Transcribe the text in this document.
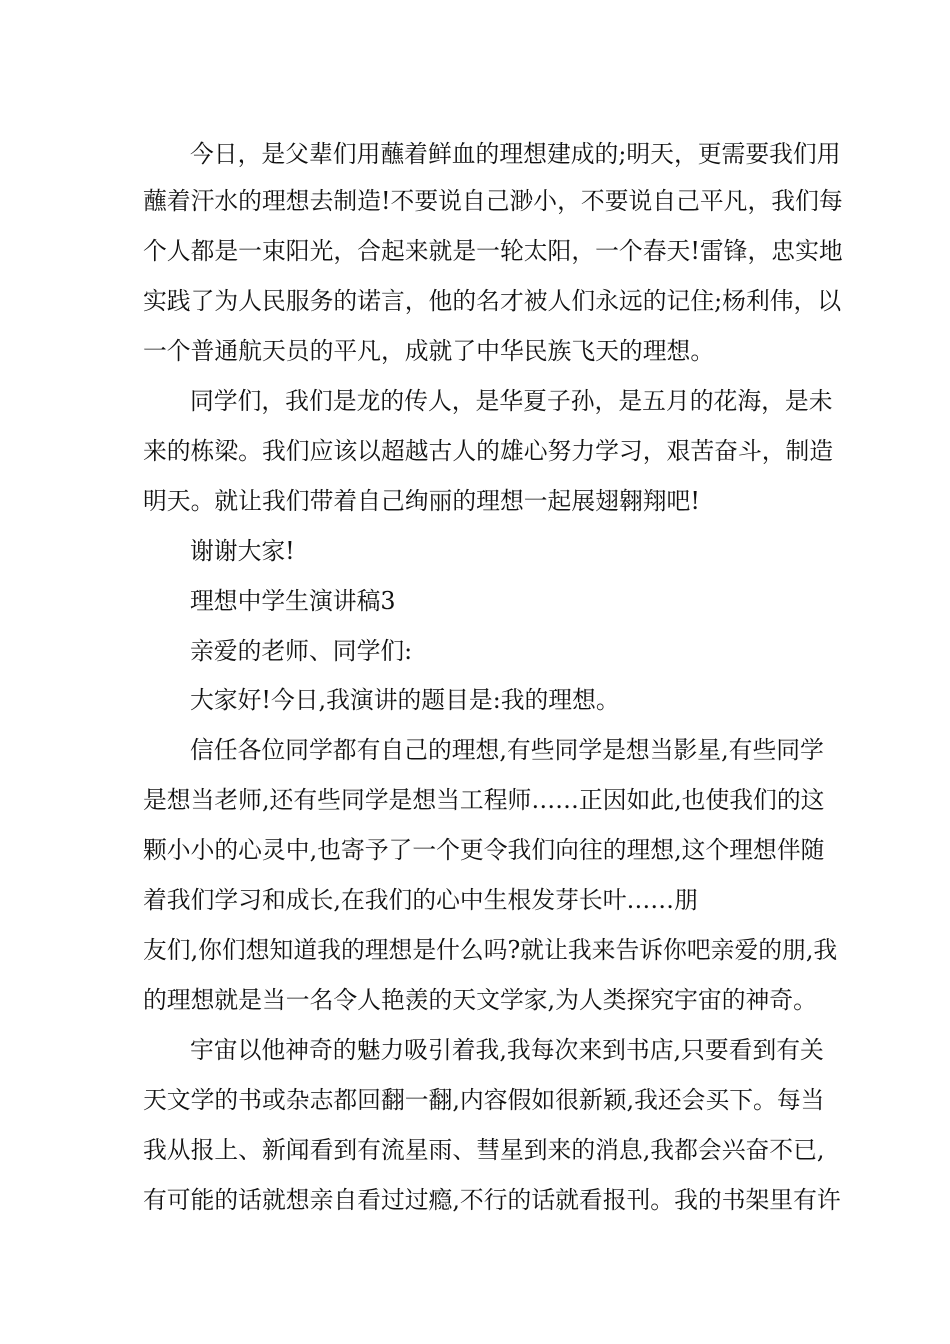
今日，是父辈们用蘸着鲜血的理想建成的;明天，更需要我们用
蘸着汗水的理想去制造!不要说自己渺小，不要说自己平凡，我们每
个人都是一束阳光，合起来就是一轮太阳，一个春天!雷锋，忠实地
实践了为人民服务的诺言，他的名才被人们永远的记住;杨利伟，以
一个普通航天员的平凡，成就了中华民族飞天的理想。
同学们，我们是龙的传人，是华夏子孙，是五月的花海，是未
来的栋梁。我们应该以超越古人的雄心努力学习，艰苦奋斗，制造
明天。就让我们带着自己绚丽的理想一起展翅翱翔吧!
谢谢大家!
理想中学生演讲稿3
亲爱的老师、同学们:
大家好!今日,我演讲的题目是:我的理想。
信任各位同学都有自己的理想,有些同学是想当影星,有些同学
是想当老师,还有些同学是想当工程师……正因如此,也使我们的这
颗小小的心灵中,也寄予了一个更令我们向往的理想,这个理想伴随
着我们学习和成长,在我们的心中生根发芽长叶……朋
友们,你们想知道我的理想是什么吗?就让我来告诉你吧亲爱的朋,我
的理想就是当一名令人艳羡的天文学家,为人类探究宇宙的神奇。
宇宙以他神奇的魅力吸引着我,我每次来到书店,只要看到有关
天文学的书或杂志都回翻一翻,内容假如很新颖,我还会买下。每当
我从报上、新闻看到有流星雨、彗星到来的消息,我都会兴奋不已,
有可能的话就想亲自看过过瘾,不行的话就看报刊。我的书架里有许
